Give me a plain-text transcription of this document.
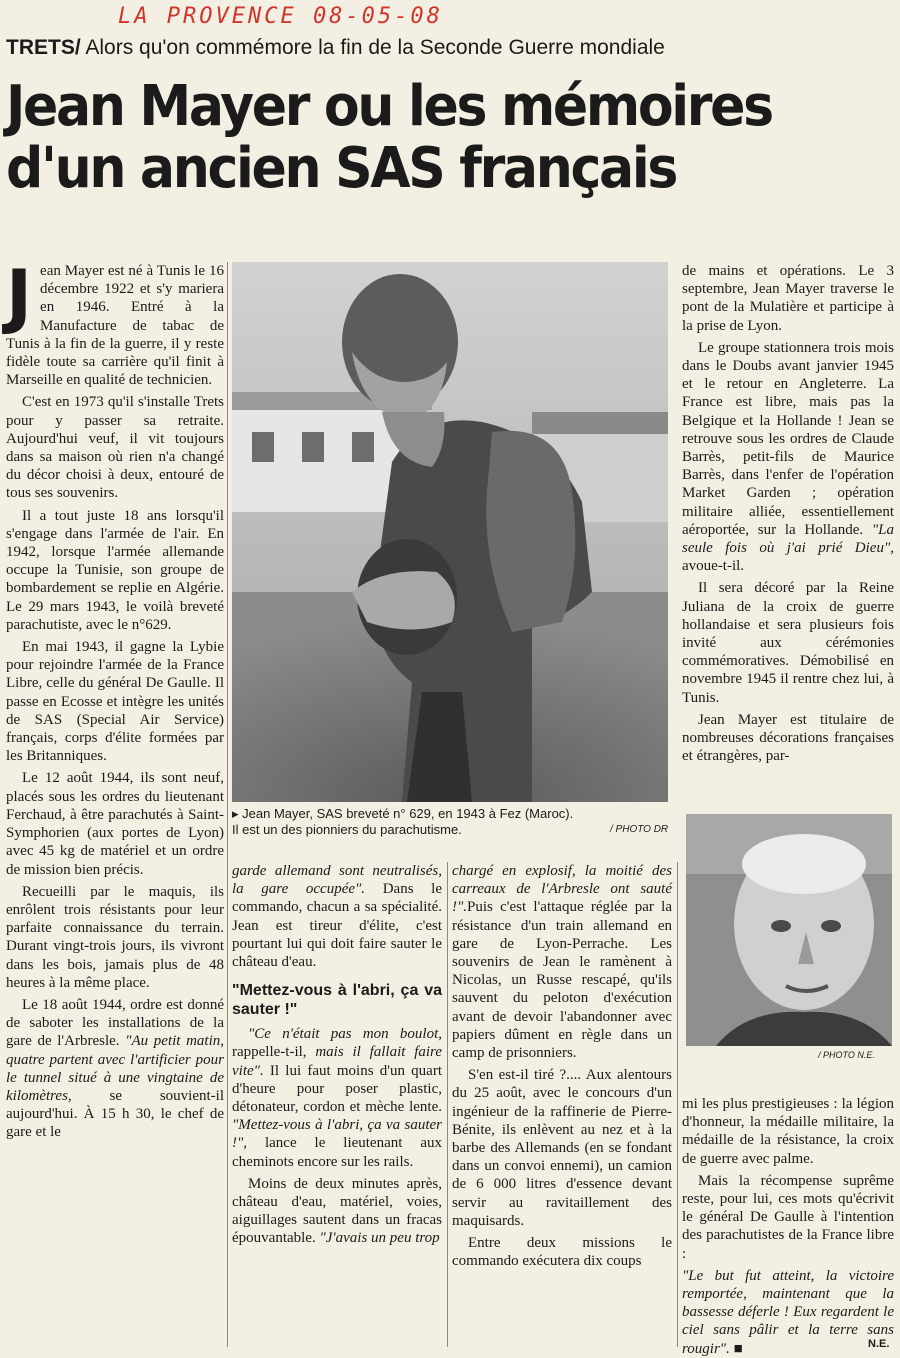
LA PROVENCE 08-05-08
TRETS/ Alors qu'on commémore la fin de la Seconde Guerre mondiale
Jean Mayer ou les mémoires
d'un ancien SAS français

Jean Mayer est né à Tunis le 16 décembre 1922 et s'y mariera en 1946. Entré à la Manufacture de tabac de Tunis à la fin de la guerre, il y reste fidèle toute sa carrière qu'il finit à Marseille en qualité de technicien.

C'est en 1973 qu'il s'installe Trets pour y passer sa retraite. Aujourd'hui veuf, il vit toujours dans sa maison où rien n'a changé du décor choisi à deux, entouré de tous ses souvenirs.

Il a tout juste 18 ans lorsqu'il s'engage dans l'armée de l'air. En 1942, lorsque l'armée allemande occupe la Tunisie, son groupe de bombardement se replie en Algérie. Le 29 mars 1943, le voilà breveté parachutiste, avec le n°629.

En mai 1943, il gagne la Lybie pour rejoindre l'armée de la France Libre, celle du général De Gaulle. Il passe en Ecosse et intègre les unités de SAS (Special Air Service) français, corps d'élite formées par les Britanniques.

Le 12 août 1944, ils sont neuf, placés sous les ordres du lieutenant Ferchaud, à être parachutés à Saint-Symphorien (aux portes de Lyon) avec 45 kg de matériel et un ordre de mission bien précis.

Recueilli par le maquis, ils enrôlent trois résistants pour leur parfaite connaissance du terrain. Durant vingt-trois jours, ils vivront dans les bois, jamais plus de 48 heures à la même place.

Le 18 août 1944, ordre est donné de saboter les installations de la gare de l'Arbresle. "Au petit matin, quatre partent avec l'artificier pour le tunnel situé à une vingtaine de kilomètres,	se souvient-il aujourd'hui. À 15 h 30, le chef de gare et le

▸ Jean Mayer, SAS breveté n° 629, en 1943 à Fez (Maroc).
Il est un des pionniers du parachutisme.	/ PHOTO DR

garde allemand sont neutralisés, la gare occupée". Dans le commando, chacun a sa spécialité. Jean est tireur d'élite, c'est pourtant lui qui doit faire sauter le château d'eau.

"Mettez-vous à l'abri, ça va sauter !"

"Ce n'était pas mon boulot, rappelle-t-il, mais il fallait faire vite". Il lui faut moins d'un quart d'heure pour poser plastic, détonateur, cordon et mèche lente. "Mettez-vous à l'abri, ça va sauter !", lance le lieutenant aux cheminots encore sur les rails.

Moins de deux minutes après, château d'eau, matériel, voies, aiguillages sautent dans un fracas épouvantable. "J'avais un peu trop

chargé en explosif, la moitié des carreaux de l'Arbresle ont sauté !".Puis c'est l'attaque réglée par la résistance d'un train allemand en gare de Lyon-Perrache. Les souvenirs de Jean le ramènent à Nicolas, un Russe rescapé, qu'ils sauvent du peloton d'exécution avant de devoir l'abandonner avec papiers dûment en règle dans un camp de prisonniers.

S'en est-il tiré ?.... Aux alentours du 25 août, avec le concours d'un ingénieur de la raffinerie de Pierre-Bénite, ils enlèvent au nez et à la barbe des Allemands (en se fondant dans un convoi ennemi), un camion de 6 000 litres d'essence devant servir au ravitaillement des maquisards.

Entre deux missions le commando exécutera dix coups

de mains et opérations. Le 3 septembre, Jean Mayer traverse le pont de la Mulatière et participe à la prise de Lyon.

Le groupe stationnera trois mois dans le Doubs avant janvier 1945 et le retour en Angleterre. La France est libre, mais pas la Belgique et la Hollande ! Jean se retrouve sous les ordres de Claude Barrès, petit-fils de Maurice Barrès, dans l'enfer de l'opération Market Garden ; opération militaire alliée, essentiellement aéroportée, sur la Hollande. "La seule fois où j'ai prié Dieu", avoue-t-il.

Il sera décoré par la Reine Juliana de la croix de guerre hollandaise et sera plusieurs fois invité aux cérémonies commémoratives. Démobilisé en novembre 1945 il rentre chez lui, à Tunis.

Jean Mayer est titulaire de nombreuses décorations françaises et étrangères, par-

/ PHOTO N.E.

mi les plus prestigieuses : la légion d'honneur, la médaille militaire, la médaille de la résistance, la croix de guerre avec palme.

Mais la récompense suprême reste, pour lui, ces mots qu'écrivit le général De Gaulle à l'intention des parachutistes de la France libre :

"Le but fut atteint, la victoire remportée, maintenant que la bassesse déferle ! Eux regardent le ciel sans pâlir et la terre sans rougir". ■	N.E.
